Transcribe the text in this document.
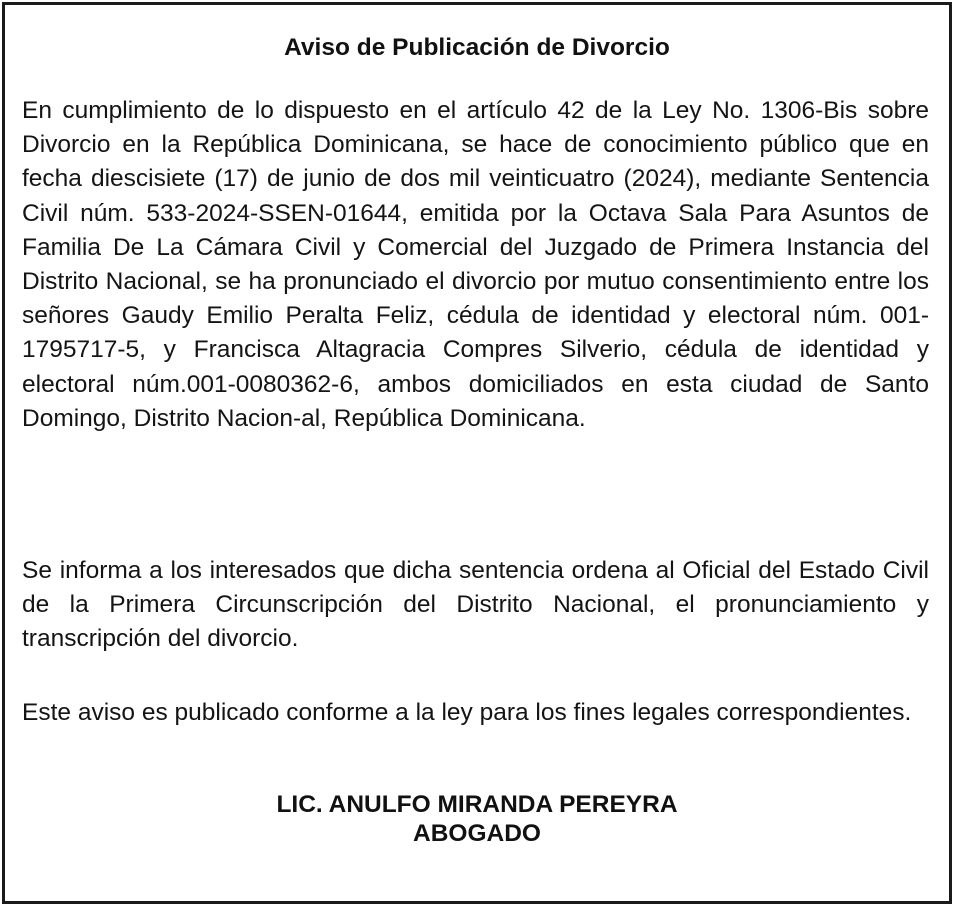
Aviso de Publicación de Divorcio

En cumplimiento de lo dispuesto en el artículo 42 de la Ley No. 1306-Bis sobre Divorcio en la República Dominicana, se hace de conocimiento público que en fecha diescisiete (17) de junio de dos mil veinticuatro (2024), mediante Sentencia Civil núm. 533-2024-SSEN-01644, emitida por la Octava Sala Para Asuntos de Familia De La Cámara Civil y Comercial del Juzgado de Primera Instancia del Distrito Nacional, se ha pronunciado el divorcio por mutuo consentimiento entre los señores Gaudy Emilio Peralta Feliz, cédula de identidad y electoral núm. 001-1795717-5, y Francisca Altagracia Compres Silverio, cédula de identidad y electoral núm.001-0080362-6, ambos domiciliados en esta ciudad de Santo Domingo, Distrito Nacion-al, República Dominicana.

Se informa a los interesados que dicha sentencia ordena al Oficial del Estado Civil de la Primera Circunscripción del Distrito Nacional, el pronunciamiento y transcripción del divorcio.

Este aviso es publicado conforme a la ley para los fines legales correspondientes.

LIC. ANULFO MIRANDA PEREYRA
ABOGADO
